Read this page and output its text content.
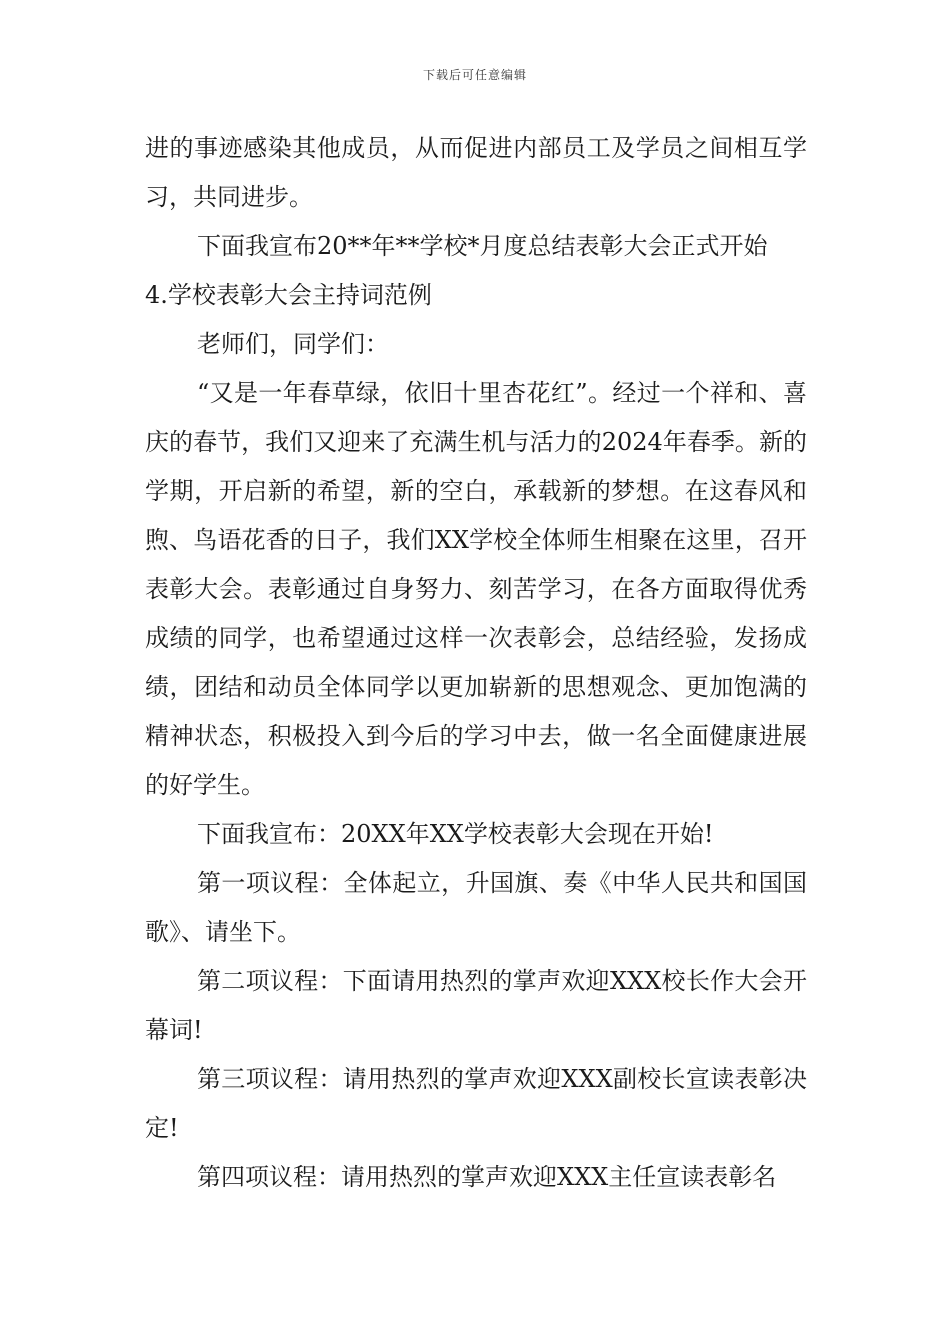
下载后可任意编辑

进的事迹感染其他成员，从而促进内部员工及学员之间相互学习，共同进步。

下面我宣布20**年**学校*月度总结表彰大会正式开始

4.学校表彰大会主持词范例

老师们，同学们：

“又是一年春草绿，依旧十里杏花红”。经过一个祥和、喜庆的春节，我们又迎来了充满生机与活力的2024年春季。新的学期，开启新的希望，新的空白，承载新的梦想。在这春风和煦、鸟语花香的日子，我们XX学校全体师生相聚在这里，召开表彰大会。表彰通过自身努力、刻苦学习，在各方面取得优秀成绩的同学，也希望通过这样一次表彰会，总结经验，发扬成绩，团结和动员全体同学以更加崭新的思想观念、更加饱满的精神状态，积极投入到今后的学习中去，做一名全面健康进展的好学生。

下面我宣布：20XX年XX学校表彰大会现在开始!

第一项议程：全体起立，升国旗、奏《中华人民共和国国歌》、请坐下。

第二项议程：下面请用热烈的掌声欢迎XXX校长作大会开幕词!

第三项议程：请用热烈的掌声欢迎XXX副校长宣读表彰决定!

第四项议程：请用热烈的掌声欢迎XXX主任宣读表彰名
